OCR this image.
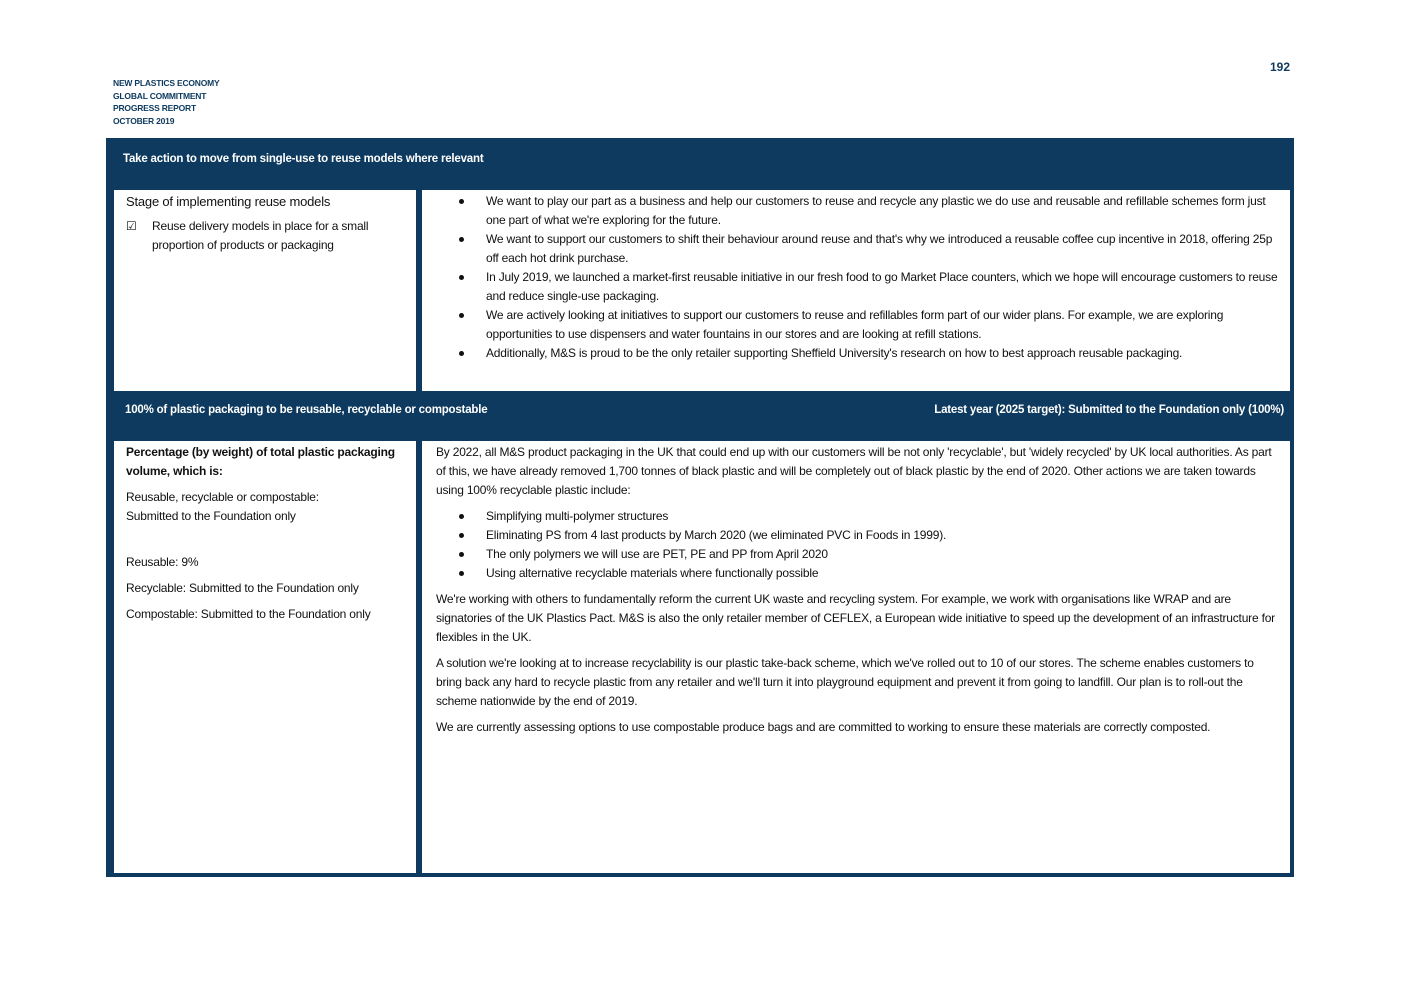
NEW PLASTICS ECONOMY
GLOBAL COMMITMENT
PROGRESS REPORT
OCTOBER 2019
192
Take action to move from single-use to reuse models where relevant
Stage of implementing reuse models
☑	Reuse delivery models in place for a small proportion of products or packaging
We want to play our part as a business and help our customers to reuse and recycle any plastic we do use and reusable and refillable schemes form just one part of what we're exploring for the future.
We want to support our customers to shift their behaviour around reuse and that's why we introduced a reusable coffee cup incentive in 2018, offering 25p off each hot drink purchase.
In July 2019, we launched a market-first reusable initiative in our fresh food to go Market Place counters, which we hope will encourage customers to reuse and reduce single-use packaging.
We are actively looking at initiatives to support our customers to reuse and refillables form part of our wider plans. For example, we are exploring opportunities to use dispensers and water fountains in our stores and are looking at refill stations.
Additionally, M&S is proud to be the only retailer supporting Sheffield University's research on how to best approach reusable packaging.
100% of plastic packaging to be reusable, recyclable or compostable	Latest year (2025 target): Submitted to the Foundation only (100%)

Percentage (by weight) of total plastic packaging volume, which is:

Reusable, recyclable or compostable:
Submitted to the Foundation only

Reusable: 9%

Recyclable: Submitted to the Foundation only

Compostable: Submitted to the Foundation only

By 2022, all M&S product packaging in the UK that could end up with our customers will be not only 'recyclable', but 'widely recycled' by UK local authorities. As part of this, we have already removed 1,700 tonnes of black plastic and will be completely out of black plastic by the end of 2020. Other actions we are taken towards using 100% recyclable plastic include:

Simplifying multi-polymer structures
Eliminating PS from 4 last products by March 2020 (we eliminated PVC in Foods in 1999).
The only polymers we will use are PET, PE and PP from April 2020
Using alternative recyclable materials where functionally possible

We're working with others to fundamentally reform the current UK waste and recycling system. For example, we work with organisations like WRAP and are signatories of the UK Plastics Pact. M&S is also the only retailer member of CEFLEX, a European wide initiative to speed up the development of an infrastructure for flexibles in the UK.

A solution we're looking at to increase recyclability is our plastic take-back scheme, which we've rolled out to 10 of our stores. The scheme enables customers to bring back any hard to recycle plastic from any retailer and we'll turn it into playground equipment and prevent it from going to landfill. Our plan is to roll-out the scheme nationwide by the end of 2019.

We are currently assessing options to use compostable produce bags and are committed to working to ensure these materials are correctly composted.
